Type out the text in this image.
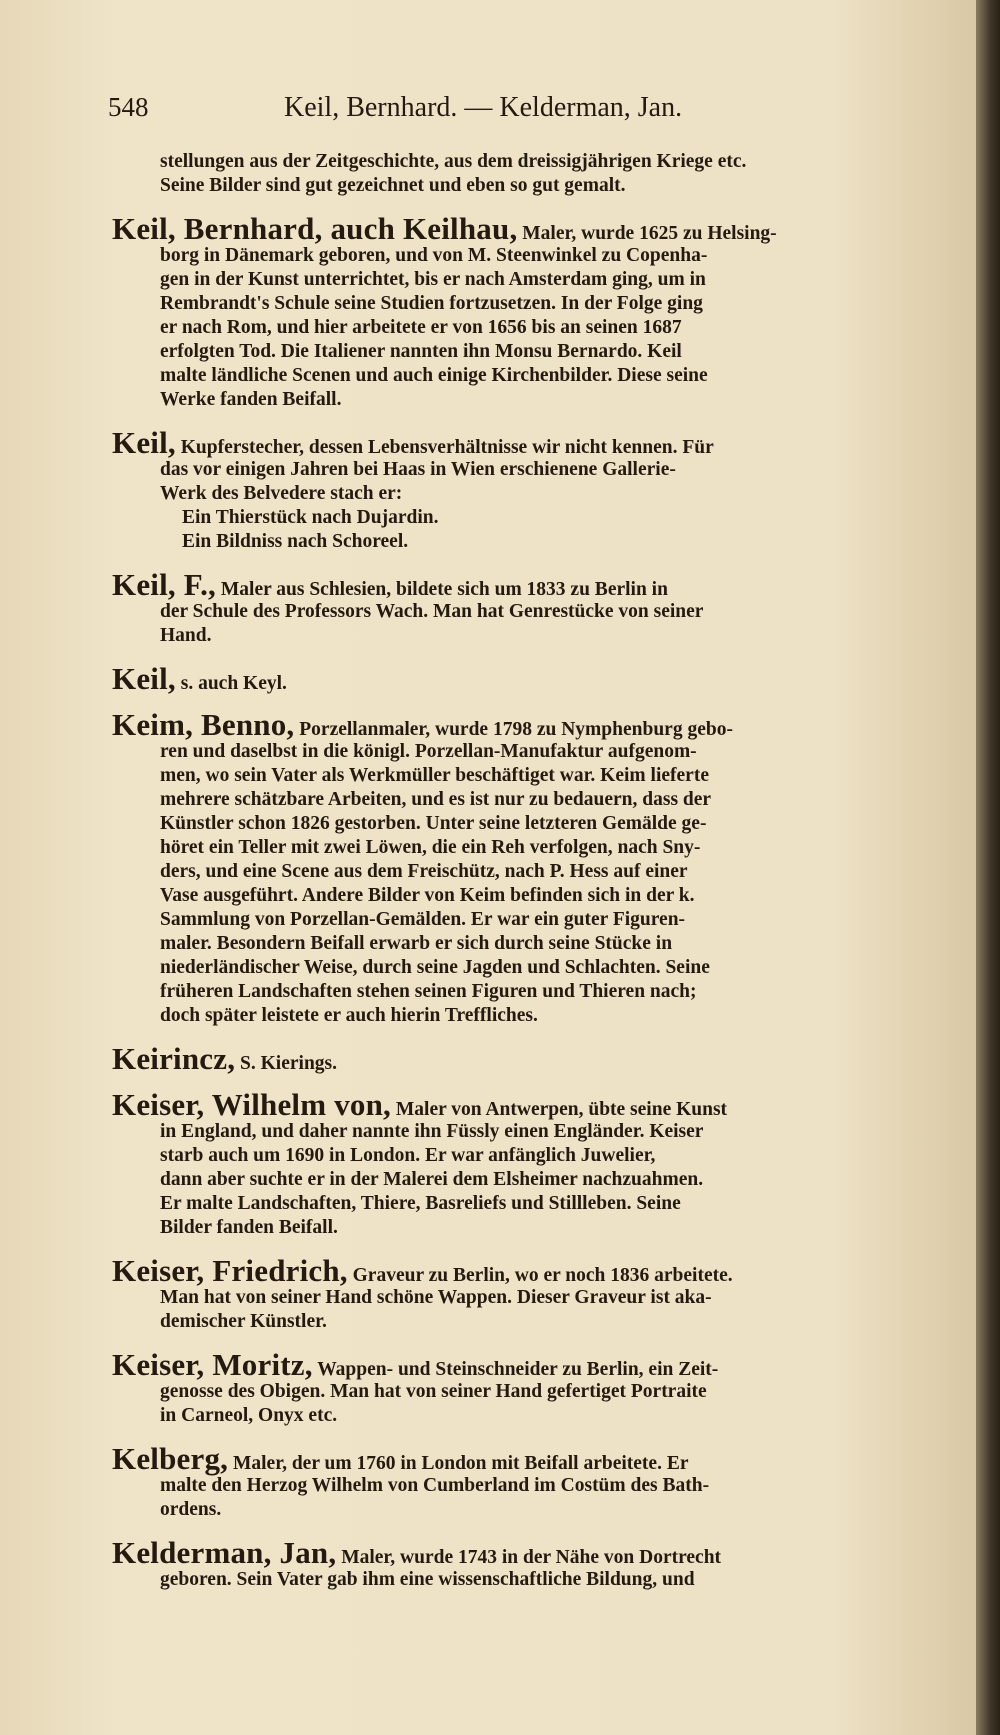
548	Keil, Bernhard. — Kelderman, Jan.
stellungen aus der Zeitgeschichte, aus dem dreissigjährigen Kriege etc.
Seine Bilder sind gut gezeichnet und eben so gut gemalt.
Keil, Bernhard, auch Keilhau, Maler, wurde 1625 zu Helsing-
borg in Dänemark geboren, und von M. Steenwinkel zu Copenha-
gen in der Kunst unterrichtet, bis er nach Amsterdam ging, um in
Rembrandt's Schule seine Studien fortzusetzen. In der Folge ging
er nach Rom, und hier arbeitete er von 1656 bis an seinen 1687
erfolgten Tod. Die Italiener nannten ihn Monsu Bernardo. Keil
malte ländliche Scenen und auch einige Kirchenbilder. Diese seine
Werke fanden Beifall.
Keil, Kupferstecher, dessen Lebensverhältnisse wir nicht kennen. Für
das vor einigen Jahren bei Haas in Wien erschienene Gallerie-
Werk des Belvedere stach er:
Ein Thierstück nach Dujardin.
Ein Bildniss nach Schoreel.
Keil, F., Maler aus Schlesien, bildete sich um 1833 zu Berlin in
der Schule des Professors Wach. Man hat Genrestücke von seiner
Hand.
Keil, s. auch Keyl.
Keim, Benno, Porzellanmaler, wurde 1798 zu Nymphenburg gebo-
ren und daselbst in die königl. Porzellan-Manufaktur aufgenom-
men, wo sein Vater als Werkmüller beschäftiget war. Keim lieferte
mehrere schätzbare Arbeiten, und es ist nur zu bedauern, dass der
Künstler schon 1826 gestorben. Unter seine letzteren Gemälde ge-
höret ein Teller mit zwei Löwen, die ein Reh verfolgen, nach Sny-
ders, und eine Scene aus dem Freischütz, nach P. Hess auf einer
Vase ausgeführt. Andere Bilder von Keim befinden sich in der k.
Sammlung von Porzellan-Gemälden. Er war ein guter Figuren-
maler. Besondern Beifall erwarb er sich durch seine Stücke in
niederländischer Weise, durch seine Jagden und Schlachten. Seine
früheren Landschaften stehen seinen Figuren und Thieren nach;
doch später leistete er auch hierin Treffliches.
Keirincz, S. Kierings.
Keiser, Wilhelm von, Maler von Antwerpen, übte seine Kunst
in England, und daher nannte ihn Füssly einen Engländer. Keiser
starb auch um 1690 in London. Er war anfänglich Juwelier,
dann aber suchte er in der Malerei dem Elsheimer nachzuahmen.
Er malte Landschaften, Thiere, Basreliefs und Stillleben. Seine
Bilder fanden Beifall.
Keiser, Friedrich, Graveur zu Berlin, wo er noch 1836 arbeitete.
Man hat von seiner Hand schöne Wappen. Dieser Graveur ist aka-
demischer Künstler.
Keiser, Moritz, Wappen- und Steinschneider zu Berlin, ein Zeit-
genosse des Obigen. Man hat von seiner Hand gefertiget Portraite
in Carneol, Onyx etc.
Kelberg, Maler, der um 1760 in London mit Beifall arbeitete. Er
malte den Herzog Wilhelm von Cumberland im Costüm des Bath-
ordens.
Kelderman, Jan, Maler, wurde 1743 in der Nähe von Dortrecht
geboren. Sein Vater gab ihm eine wissenschaftliche Bildung, und
